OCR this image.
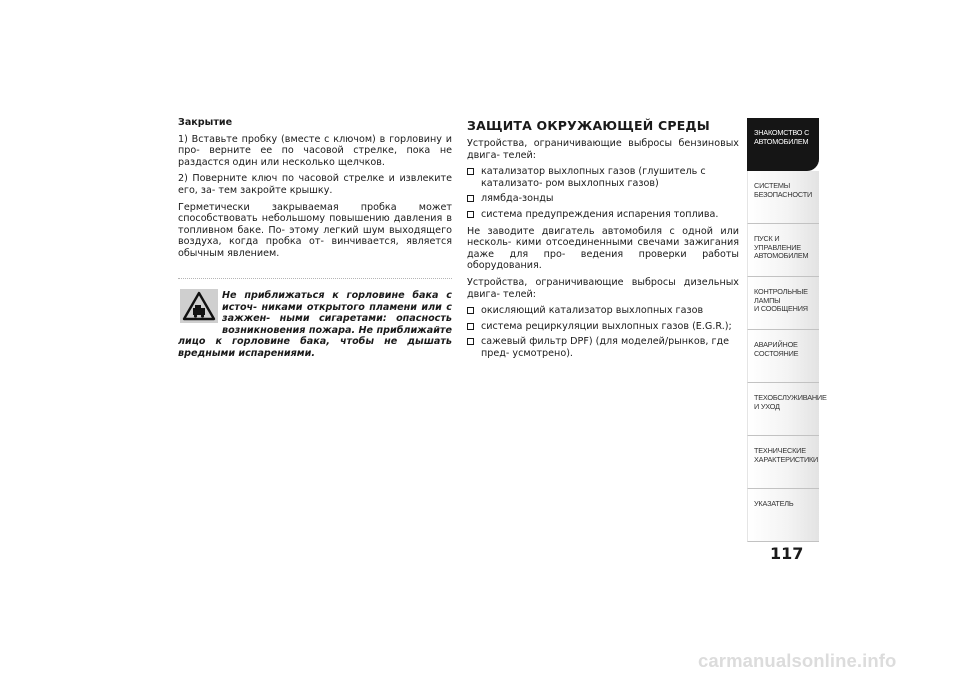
Закрытие

1) Вставьте пробку (вместе с ключом) в горловину и про- верните ее по часовой стрелке, пока не раздастся один или несколько щелчков.

2) Поверните ключ по часовой стрелке и извлеките его, за- тем закройте крышку.

Герметически закрываемая пробка может способствовать небольшому повышению давления в топливном баке. По- этому легкий шум выходящего воздуха, когда пробка от- винчивается, является обычным явлением.

Не приближаться к горловине бака с источ- никами открытого пламени или с зажжен- ными сигаретами: опасность возникновения пожара. Не приближайте лицо к горловине бака, чтобы не дышать вредными испарениями.

ЗАЩИТА ОКРУЖАЮЩЕЙ СРЕДЫ

Устройства, ограничивающие выбросы бензиновых двига- телей:

катализатор выхлопных газов (глушитель с катализато- ром выхлопных газов)
лямбда-зонды
система предупреждения испарения топлива.

Не заводите двигатель автомобиля с одной или несколь- кими отсоединенными свечами зажигания даже для про- ведения проверки работы оборудования.

Устройства, ограничивающие выбросы дизельных двига- телей:

окисляющий катализатор выхлопных газов
система рециркуляции выхлопных газов (E.G.R.);
сажевый фильтр DPF) (для моделей/рынков, где пред- усмотрено).
ЗНАКОМСТВО С
АВТОМОБИЛЕМ
СИСТЕМЫ
БЕЗОПАСНОСТИ
ПУСК И УПРАВЛЕНИЕ
АВТОМОБИЛЕМ
КОНТРОЛЬНЫЕ
ЛАМПЫ
И СООБЩЕНИЯ
АВАРИЙНОЕ
СОСТОЯНИЕ
ТЕХОБСЛУЖИВАНИЕ
И УХОД
ТЕХНИЧЕСКИЕ
ХАРАКТЕРИСТИКИ
УКАЗАТЕЛЬ

117

carmanualsonline.info
